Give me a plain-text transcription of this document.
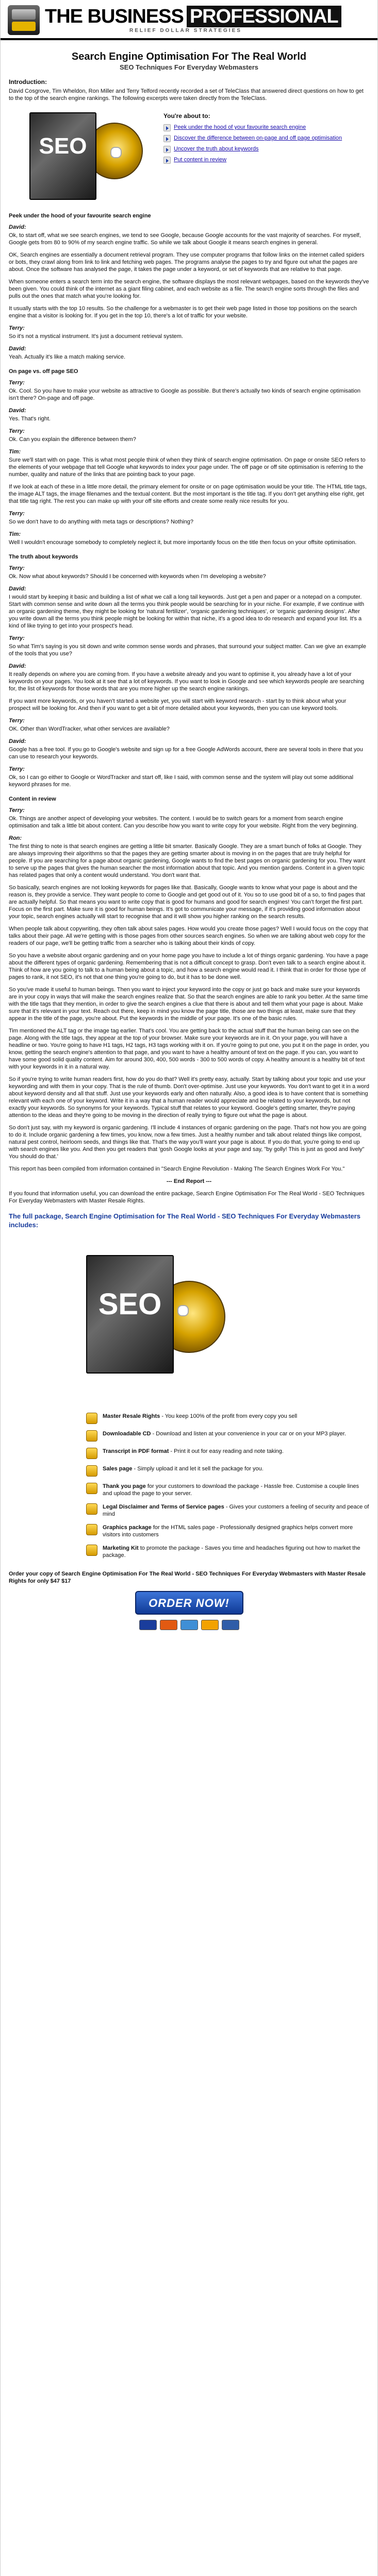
THE BUSINESS PROFESSIONAL
RELIEF DOLLAR STRATEGIES
Search Engine Optimisation For The Real World
SEO Techniques For Everyday Webmasters
Introduction:

David Cosgrove, Tim Wheldon, Ron Miller and Terry Telford recently recorded a set of TeleClass that answered direct questions on how to get to the top of the search engine rankings. The following excerpts were taken directly from the TeleClass.

SEO
You're about to:
Peek under the hood of your favourite search engine
Discover the difference between on-page and off page optimisation
Uncover the truth about keywords
Put content in review
Peek under the hood of your favourite search engine
David:

Ok, to start off, what we see search engines, we tend to see Google, because Google accounts for the vast majority of searches. For myself, Google gets from 80 to 90% of my search engine traffic. So while we talk about Google it means search engines in general.

OK, Search engines are essentially a document retrieval program. They use computer programs that follow links on the internet called spiders or bots, they crawl along from link to link and fetching web pages. The programs analyse the pages to try and figure out what the pages are about. Once the software has analysed the page, it takes the page under a keyword, or set of keywords that are relative to that page.

When someone enters a search term into the search engine, the software displays the most relevant webpages, based on the keywords they've been given. You could think of the internet as a giant filing cabinet, and each website as a file. The search engine sorts through the files and pulls out the ones that match what you're looking for.

It usually starts with the top 10 results. So the challenge for a webmaster is to get their web page listed in those top positions on the search engine that a visitor is looking for. If you get in the top 10, there's a lot of traffic for your website.

Terry:

So it's not a mystical instrument. It's just a document retrieval system.

David:

Yeah. Actually it's like a match making service.

On page vs. off page SEO
Terry:

Ok. Cool. So you have to make your website as attractive to Google as possible. But there's actually two kinds of search engine optimisation isn't there? On-page and off page.

David:

Yes. That's right.

Terry:

Ok. Can you explain the difference between them?

Tim:

Sure we'll start with on page. This is what most people think of when they think of search engine optimisation. On page or onsite SEO refers to the elements of your webpage that tell Google what keywords to index your page under. The off page or off site optimisation is referring to the number, quality and nature of the links that are pointing back to your page.

If we look at each of these in a little more detail, the primary element for onsite or on page optimisation would be your title. The HTML title tags, the image ALT tags, the image filenames and the textual content. But the most important is the title tag. If you don't get anything else right, get that title tag right. The rest you can make up with your off site efforts and create some really nice results for you.

Terry:

So we don't have to do anything with meta tags or descriptions? Nothing?

Tim:

Well I wouldn't encourage somebody to completely neglect it, but more importantly focus on the title then focus on your offsite optimisation.

The truth about keywords
Terry:

Ok. Now what about keywords? Should I be concerned with keywords when I'm developing a website?

David:

I would start by keeping it basic and building a list of what we call a long tail keywords. Just get a pen and paper or a notepad on a computer. Start with common sense and write down all the terms you think people would be searching for in your niche. For example, if we continue with an organic gardening theme, they might be looking for 'natural fertilizer', 'organic gardening techniques', or 'organic gardening designs'. After you write down all the terms you think people might be looking for within that niche, it's a good idea to do research and expand your list. It's a kind of like trying to get into your prospect's head.

Terry:

So what Tim's saying is you sit down and write common sense words and phrases, that surround your subject matter. Can we give an example of the tools that you use?

David:

It really depends on where you are coming from. If you have a website already and you want to optimise it, you already have a lot of your keywords on your pages. You look at it see that a lot of keywords. If you want to look in Google and see which keywords people are searching for, the list of keywords for those words that are you more higher up the search engine rankings.

If you want more keywords, or you haven't started a website yet, you will start with keyword research - start by to think about what your prospect will be looking for. And then if you want to get a bit of more detailed about your keywords, then you can use keyword tools.

Terry:

OK. Other than WordTracker, what other services are available?

David:

Google has a free tool. If you go to Google's website and sign up for a free Google AdWords account, there are several tools in there that you can use to research your keywords.

Terry:

Ok, so I can go either to Google or WordTracker and start off, like I said, with common sense and the system will play out some additional keyword phrases for me.

Content in review
Terry:

Ok. Things are another aspect of developing your websites. The content. I would be to switch gears for a moment from search engine optimisation and talk a little bit about content. Can you describe how you want to write copy for your website. Right from the very beginning.

Ron:

The first thing to note is that search engines are getting a little bit smarter. Basically Google. They are a smart bunch of folks at Google. They are always improving their algorithms so that the pages they are getting smarter about is moving in on the pages that are truly helpful for people. If you are searching for a page about organic gardening, Google wants to find the best pages on organic gardening for you. They want to serve up the pages that gives the human searcher the most information about that topic. And you mention gardens. Content in a given topic has related pages that only a content would understand. You don't want that.

So basically, search engines are not looking keywords for pages like that. Basically, Google wants to know what your page is about and the reason is, they provide a service. They want people to come to Google and get good out of it. You so to use good bit of a so, to find pages that are actually helpful. So that means you want to write copy that is good for humans and good for search engines! You can't forget the first part. Focus on the first part. Make sure it is good for human beings. It's got to communicate your message, if it's providing good information about your topic, search engines actually will start to recognise that and it will show you higher ranking on the search results.

When people talk about copywriting, they often talk about sales pages. How would you create those pages? Well I would focus on the copy that talks about their page. All we're getting with is those pages from other sources search engines. So when we are talking about web copy for the readers of our page, we'll be getting traffic from a searcher who is talking about their kinds of copy.

So you have a website about organic gardening and on your home page you have to include a lot of things organic gardening. You have a page about the different types of organic gardening. Remembering that is not a difficult concept to grasp. Don't even talk to a search engine about it. Think of how are you going to talk to a human being about a topic, and how a search engine would read it. I think that in order for those type of pages to rank, it not SEO, it's not that one thing you're going to do, but it has to be done well.

So you've made it useful to human beings. Then you want to inject your keyword into the copy or just go back and make sure your keywords are in your copy in ways that will make the search engines realize that. So that the search engines are able to rank you better. At the same time with the title tags that they mention, in order to give the search engines a clue that there is about and tell them what your page is about. Make sure that it's relevant in your text. Reach out there, keep in mind you know the page title, those are two things at least, make sure that they appear in the title of the page, you're about. Put the keywords in the middle of your page. It's one of the basic rules.

Tim mentioned the ALT tag or the image tag earlier. That's cool. You are getting back to the actual stuff that the human being can see on the page. Along with the title tags, they appear at the top of your browser. Make sure your keywords are in it. On your page, you will have a headline or two. You're going to have H1 tags, H2 tags, H3 tags working with it on. If you're going to put one, you put it on the page in order, you know, getting the search engine's attention to that page, and you want to have a healthy amount of text on the page. If you can, you want to have some good solid quality content. Aim for around 300, 400, 500 words - 300 to 500 words of copy. A healthy amount is a healthy bit of text with your keywords in it in a natural way.

So if you're trying to write human readers first, how do you do that? Well it's pretty easy, actually. Start by talking about your topic and use your keywording and with them in your copy. That is the rule of thumb. Don't over-optimise. Just use your keywords. You don't want to get it in a word about keyword density and all that stuff. Just use your keywords early and often naturally. Also, a good idea is to have content that is something relevant with each one of your keyword. Write it in a way that a human reader would appreciate and be related to your keywords, but not exactly your keywords. So synonyms for your keywords. Typical stuff that relates to your keyword. Google's getting smarter, they're paying attention to the ideas and they're going to be moving in the direction of really trying to figure out what the page is about.

So don't just say, with my keyword is organic gardening. I'll include 4 instances of organic gardening on the page. That's not how you are going to do it. Include organic gardening a few times, you know, now a few times. Just a healthy number and talk about related things like compost, natural pest control, heirloom seeds, and things like that. That's the way you'll want your page is about. If you do that, you're going to end up with search engines like you. And then you get readers that 'gosh Google looks at your page and say, "by golly! This is just as good and lively" You should do that.'

This report has been compiled from information contained in "Search Engine Revolution - Making The Search Engines Work For You."

--- End Report ---

If you found that information useful, you can download the entire package, Search Engine Optimisation For The Real World - SEO Techniques For Everyday Webmasters with Master Resale Rights.

The full package, Search Engine Optimisation for The Real World - SEO Techniques For Everyday Webmasters includes:
SEO
Master Resale Rights - You keep 100% of the profit from every copy you sell
Downloadable CD - Download and listen at your convenience in your car or on your MP3 player.
Transcript in PDF format - Print it out for easy reading and note taking.
Sales page - Simply upload it and let it sell the package for you.
Thank you page for your customers to download the package - Hassle free. Customise a couple lines and upload the page to your server.
Legal Disclaimer and Terms of Service pages - Gives your customers a feeling of security and peace of mind
Graphics package for the HTML sales page - Professionally designed graphics helps convert more visitors into customers
Marketing Kit to promote the package - Saves you time and headaches figuring out how to market the package.
Order your copy of Search Engine Optimisation For The Real World - SEO Techniques For Everyday Webmasters with Master Resale Rights for only $47 $17
ORDER NOW!
